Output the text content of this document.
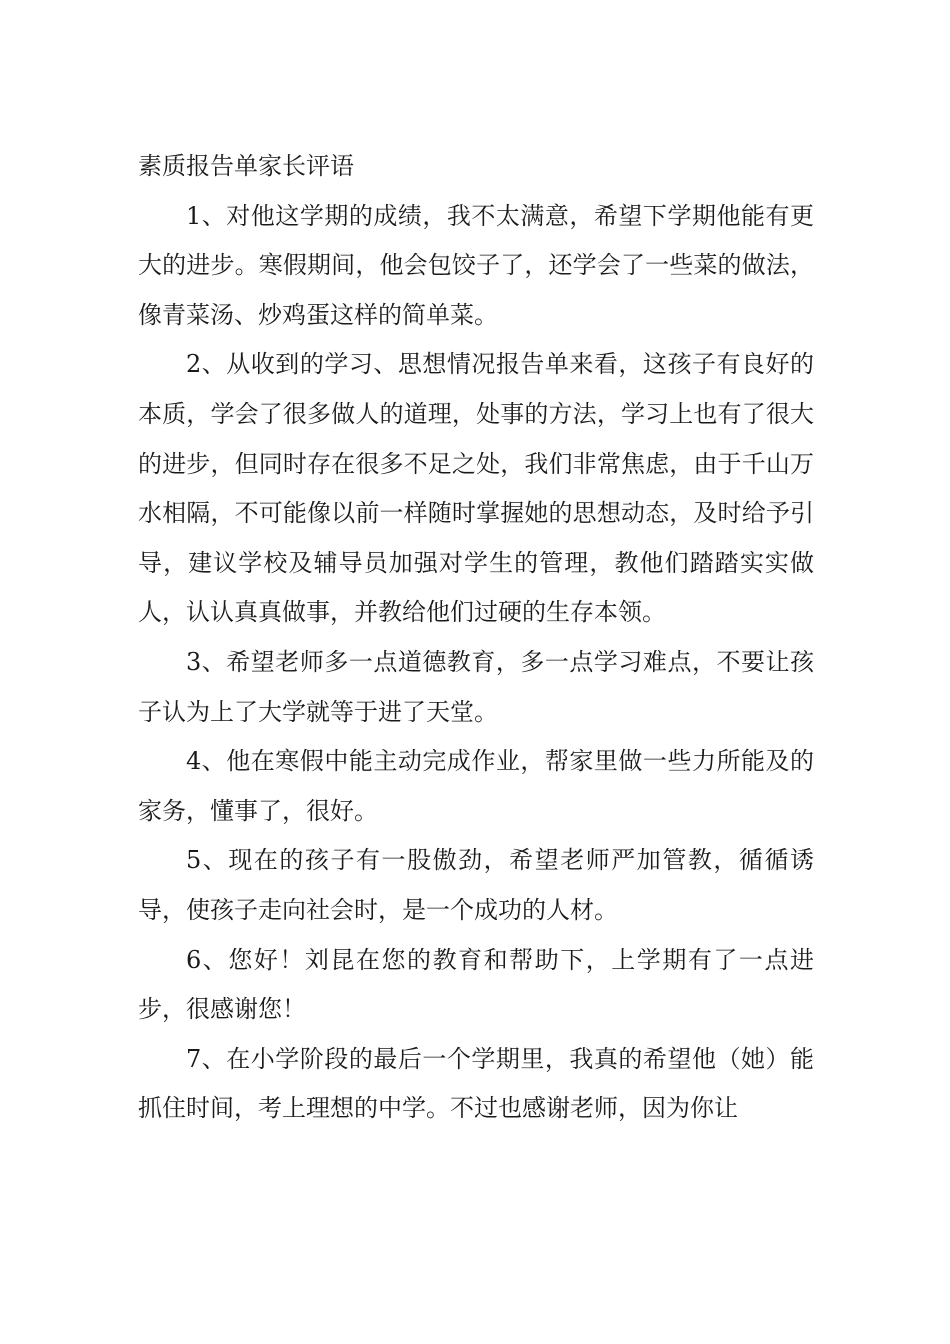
素质报告单家长评语

1、对他这学期的成绩，我不太满意，希望下学期他能有更大的进步。寒假期间，他会包饺子了，还学会了一些菜的做法，像青菜汤、炒鸡蛋这样的简单菜。

2、从收到的学习、思想情况报告单来看，这孩子有良好的本质，学会了很多做人的道理，处事的方法，学习上也有了很大的进步，但同时存在很多不足之处，我们非常焦虑，由于千山万水相隔，不可能像以前一样随时掌握她的思想动态，及时给予引导，建议学校及辅导员加强对学生的管理，教他们踏踏实实做人，认认真真做事，并教给他们过硬的生存本领。

3、希望老师多一点道德教育，多一点学习难点，不要让孩子认为上了大学就等于进了天堂。

4、他在寒假中能主动完成作业，帮家里做一些力所能及的家务，懂事了，很好。

5、现在的孩子有一股傲劲，希望老师严加管教，循循诱导，使孩子走向社会时，是一个成功的人材。

6、您好！刘昆在您的教育和帮助下，上学期有了一点进步，很感谢您！

7、在小学阶段的最后一个学期里，我真的希望他（她）能抓住时间，考上理想的中学。不过也感谢老师，因为你让
